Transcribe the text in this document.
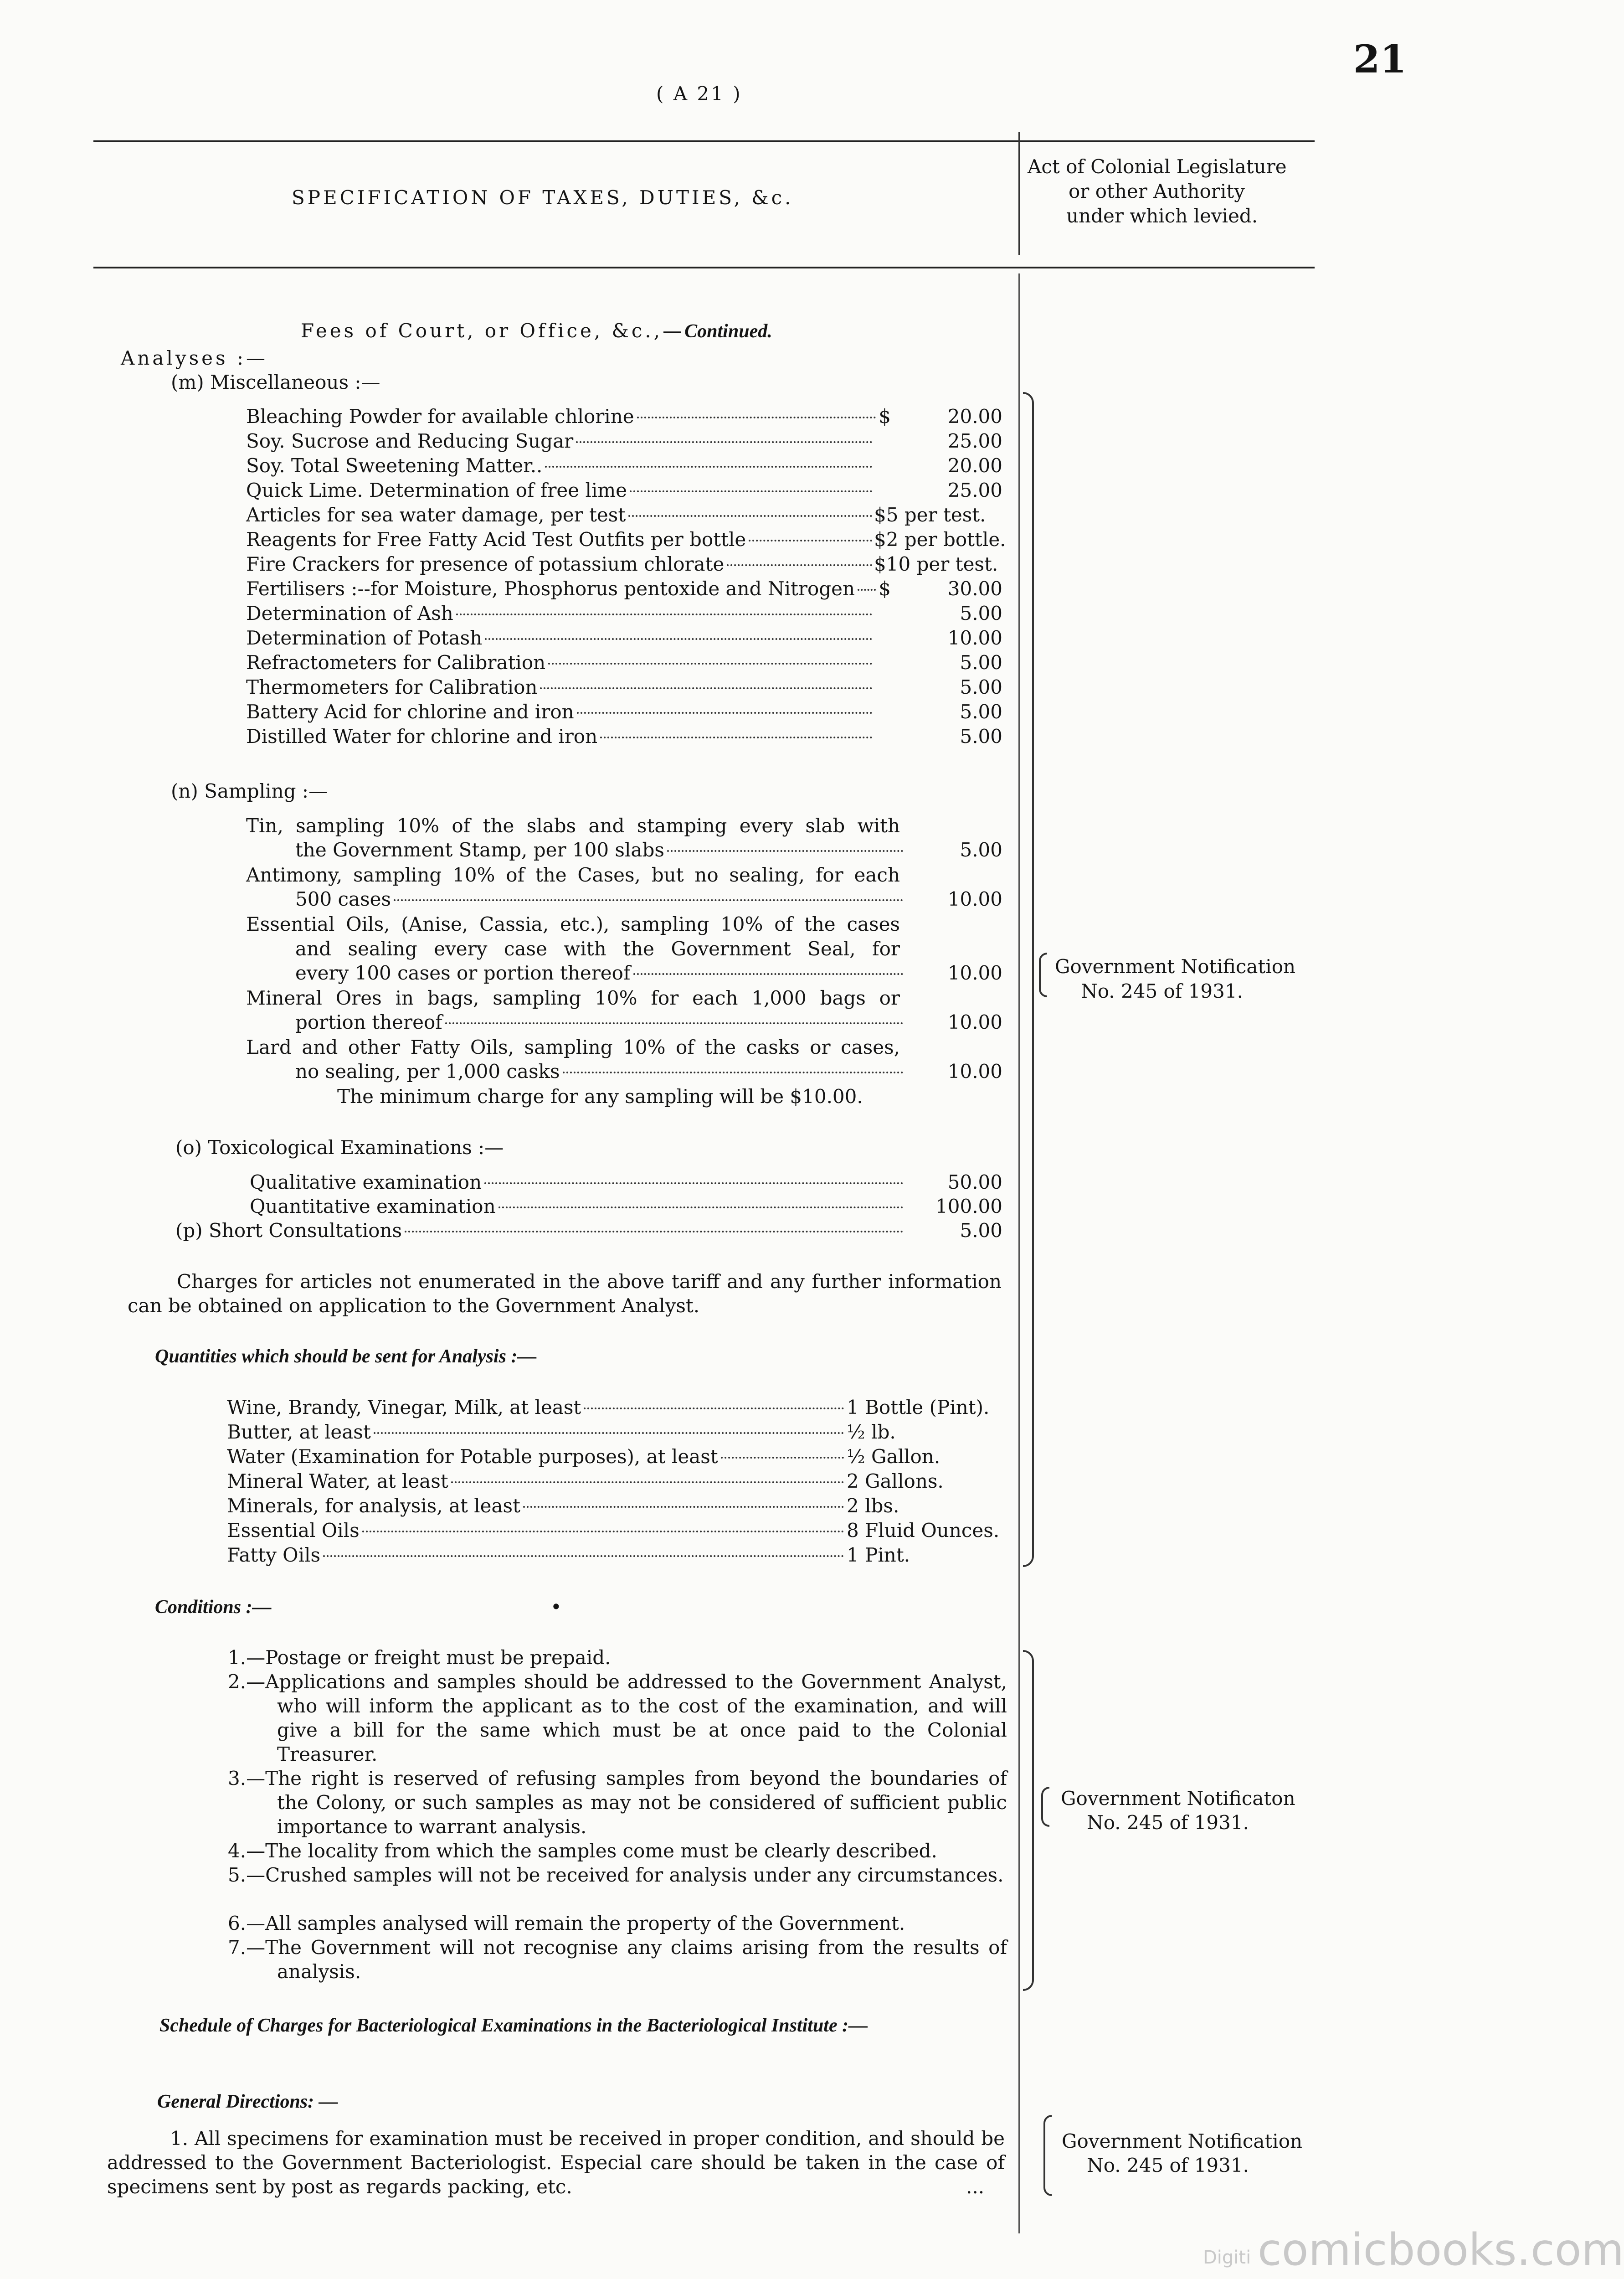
21
( A 21 )
SPECIFICATION OF TAXES, DUTIES, &c.
Act of Colonial Legislature
or other Authority
under which levied.
Fees of Court, or Office, &c.,—Continued.
Analyses :—
(m) Miscellaneous :—
Bleaching Powder for available chlorine	$	20.00
Soy. Sucrose and Reducing Sugar	25.00
Soy. Total Sweetening Matter..	20.00
Quick Lime. Determination of free lime	25.00
Articles for sea water damage, per test	$5 per test.
Reagents for Free Fatty Acid Test Outfits per bottle	$2 per bottle.
Fire Crackers for presence of potassium chlorate	$10 per test.
Fertilisers :--for Moisture, Phosphorus pentoxide and Nitrogen $	30.00
Determination of Ash	5.00
Determination of Potash	10.00
Refractometers for Calibration	5.00
Thermometers for Calibration	5.00
Battery Acid for chlorine and iron	5.00
Distilled Water for chlorine and iron	5.00
(n) Sampling :—
Tin, sampling 10% of the slabs and stamping every slab with
the Government Stamp, per 100 slabs	5.00
Antimony, sampling 10% of the Cases, but no sealing, for each
500 cases	10.00
Essential Oils, (Anise, Cassia, etc.), sampling 10% of the cases
and sealing every case with the Government Seal, for
every 100 cases or portion thereof	10.00
Mineral Ores in bags, sampling 10% for each 1,000 bags or
portion thereof	10.00
Lard and other Fatty Oils, sampling 10% of the casks or cases,
no sealing, per 1,000 casks	10.00
The minimum charge for any sampling will be $10.00.
(o) Toxicological Examinations :—
Qualitative examination	50.00
Quantitative examination	100.00
(p) Short Consultations	5.00
Charges for articles not enumerated in the above tariff and any further information can be obtained on application to the Government Analyst.
Quantities which should be sent for Analysis :—
Wine, Brandy, Vinegar, Milk, at least	1 Bottle (Pint).
Butter, at least	½ lb.
Water (Examination for Potable purposes), at least	½ Gallon.
Mineral Water, at least	2 Gallons.
Minerals, for analysis, at least	2 lbs.
Essential Oils	8 Fluid Ounces.
Fatty Oils	1 Pint.
Conditions :—	•
1.—Postage or freight must be prepaid.
2.—Applications and samples should be addressed to the Government Analyst, who will inform the applicant as to the cost of the examination, and will give a bill for the same which must be at once paid to the Colonial Treasurer.
3.—The right is reserved of refusing samples from beyond the boundaries of the Colony, or such samples as may not be considered of sufficient public importance to warrant analysis.
4.—The locality from which the samples come must be clearly described.
5.—Crushed samples will not be received for analysis under any circumstances.
6.—All samples analysed will remain the property of the Government.
7.—The Government will not recognise any claims arising from the results of analysis.
Schedule of Charges for Bacteriological Examinations in the Bacteriological Institute :—
General Directions: —
1. All specimens for examination must be received in proper condition, and should be addressed to the Government Bacteriologist. Especial care should be taken in the case of specimens sent by post as regards packing, etc.	...
Government Notification
No. 245 of 1931.
Government Notificaton
No. 245 of 1931.
Government Notification
No. 245 of 1931.
Digiti comicbooks.com
